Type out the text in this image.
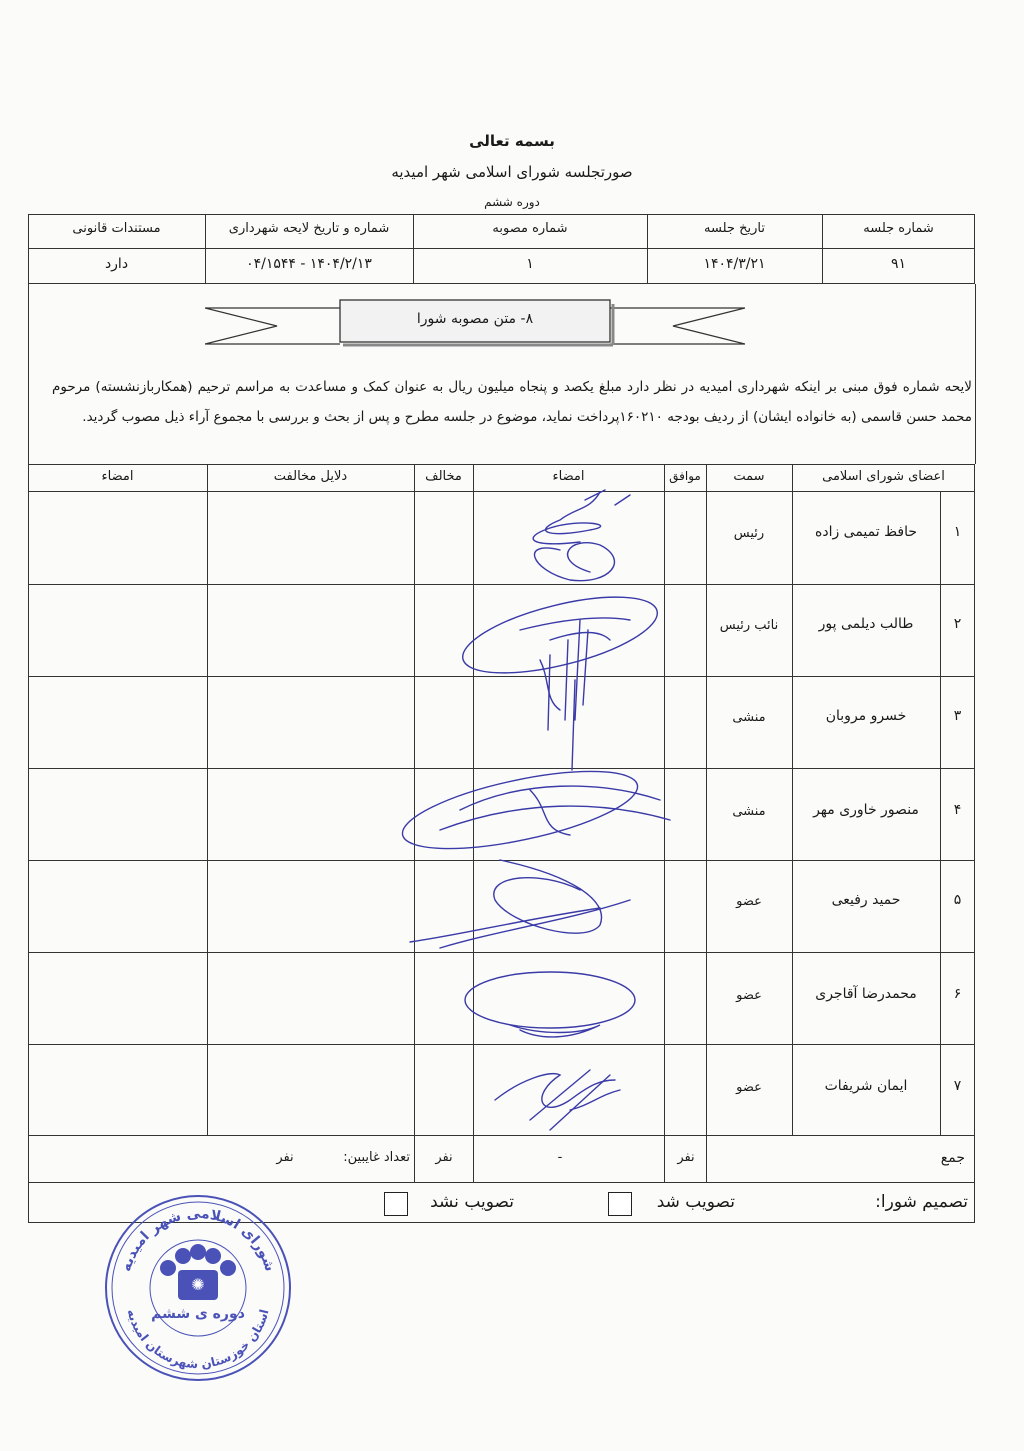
بسمه تعالی
صورتجلسه شورای اسلامی شهر امیدیه
دوره ششم
شماره جلسه
تاریخ جلسه
شماره مصوبه
شماره و تاریخ لایحه شهرداری
مستندات قانونی
۹۱
۱۴۰۴/۳/۲۱
۱
۱۴۰۴/۲/۱۳ - ۰۴/۱۵۴۴
دارد
۸- متن مصوبه شورا
لایحه شماره فوق مبنی بر اینکه شهرداری امیدیه در نظر دارد مبلغ یکصد و پنجاه میلیون ریال به عنوان کمک و مساعدت به مراسم ترحیم (همکاربازنشسته) مرحوم محمد حسن قاسمی (به خانواده ایشان) از ردیف بودجه ۱۶۰۲۱۰پرداخت نماید، موضوع در جلسه مطرح و پس از بحث و بررسی با مجموع آراء ذیل مصوب گردید.
اعضای شورای اسلامی
سمت
موافق
امضاء
مخالف
دلایل مخالفت
امضاء
۱
حافظ تمیمی زاده
رئیس
۲
طالب دیلمی پور
نائب رئیس
۳
خسرو مروبان
منشی
۴
منصور خاوری مهر
منشی
۵
حمید رفیعی
عضو
۶
محمدرضا آقاجری
عضو
۷
ایمان شریفات
عضو
جمع
نفر
-
نفر
تعداد غایبین:
نفر
تصمیم شورا:
تصویب شد
تصویب نشد
✺
شورای اسلامی شهر امیدیه
استان خوزستان شهرستان امیدیه
دوره ی ششم
